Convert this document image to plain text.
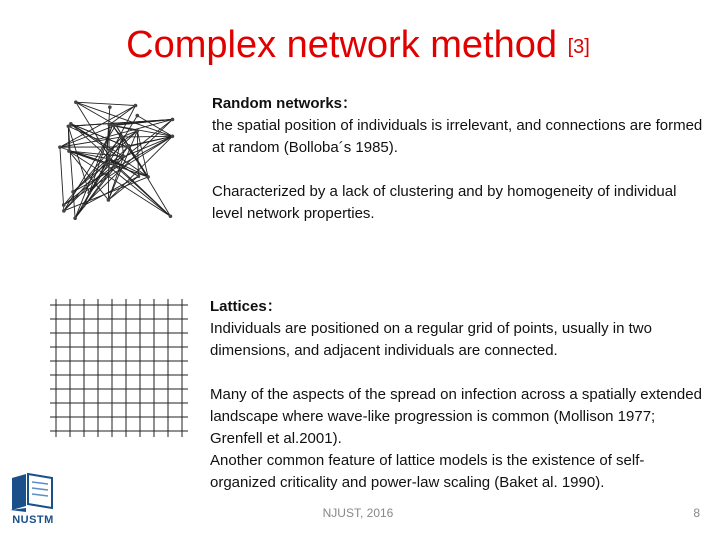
Complex network method [3]

Random networks：

the spatial position of individuals is irrelevant, and connections are formed at random (Bolloba´s 1985).

Characterized by a lack of clustering and by homogeneity of individual level network properties.

Lattices：

Individuals are positioned on a regular grid of points, usually in two dimensions, and adjacent individuals are connected.

Many of the aspects of the spread on infection across a spatially extended landscape where wave-like progression is common (Mollison 1977; Grenfell et al.2001).

Another common feature of lattice models is the existence of self-organized criticality and power-law scaling (Baket al. 1990).

NUSTM	NJUST, 2016	8
